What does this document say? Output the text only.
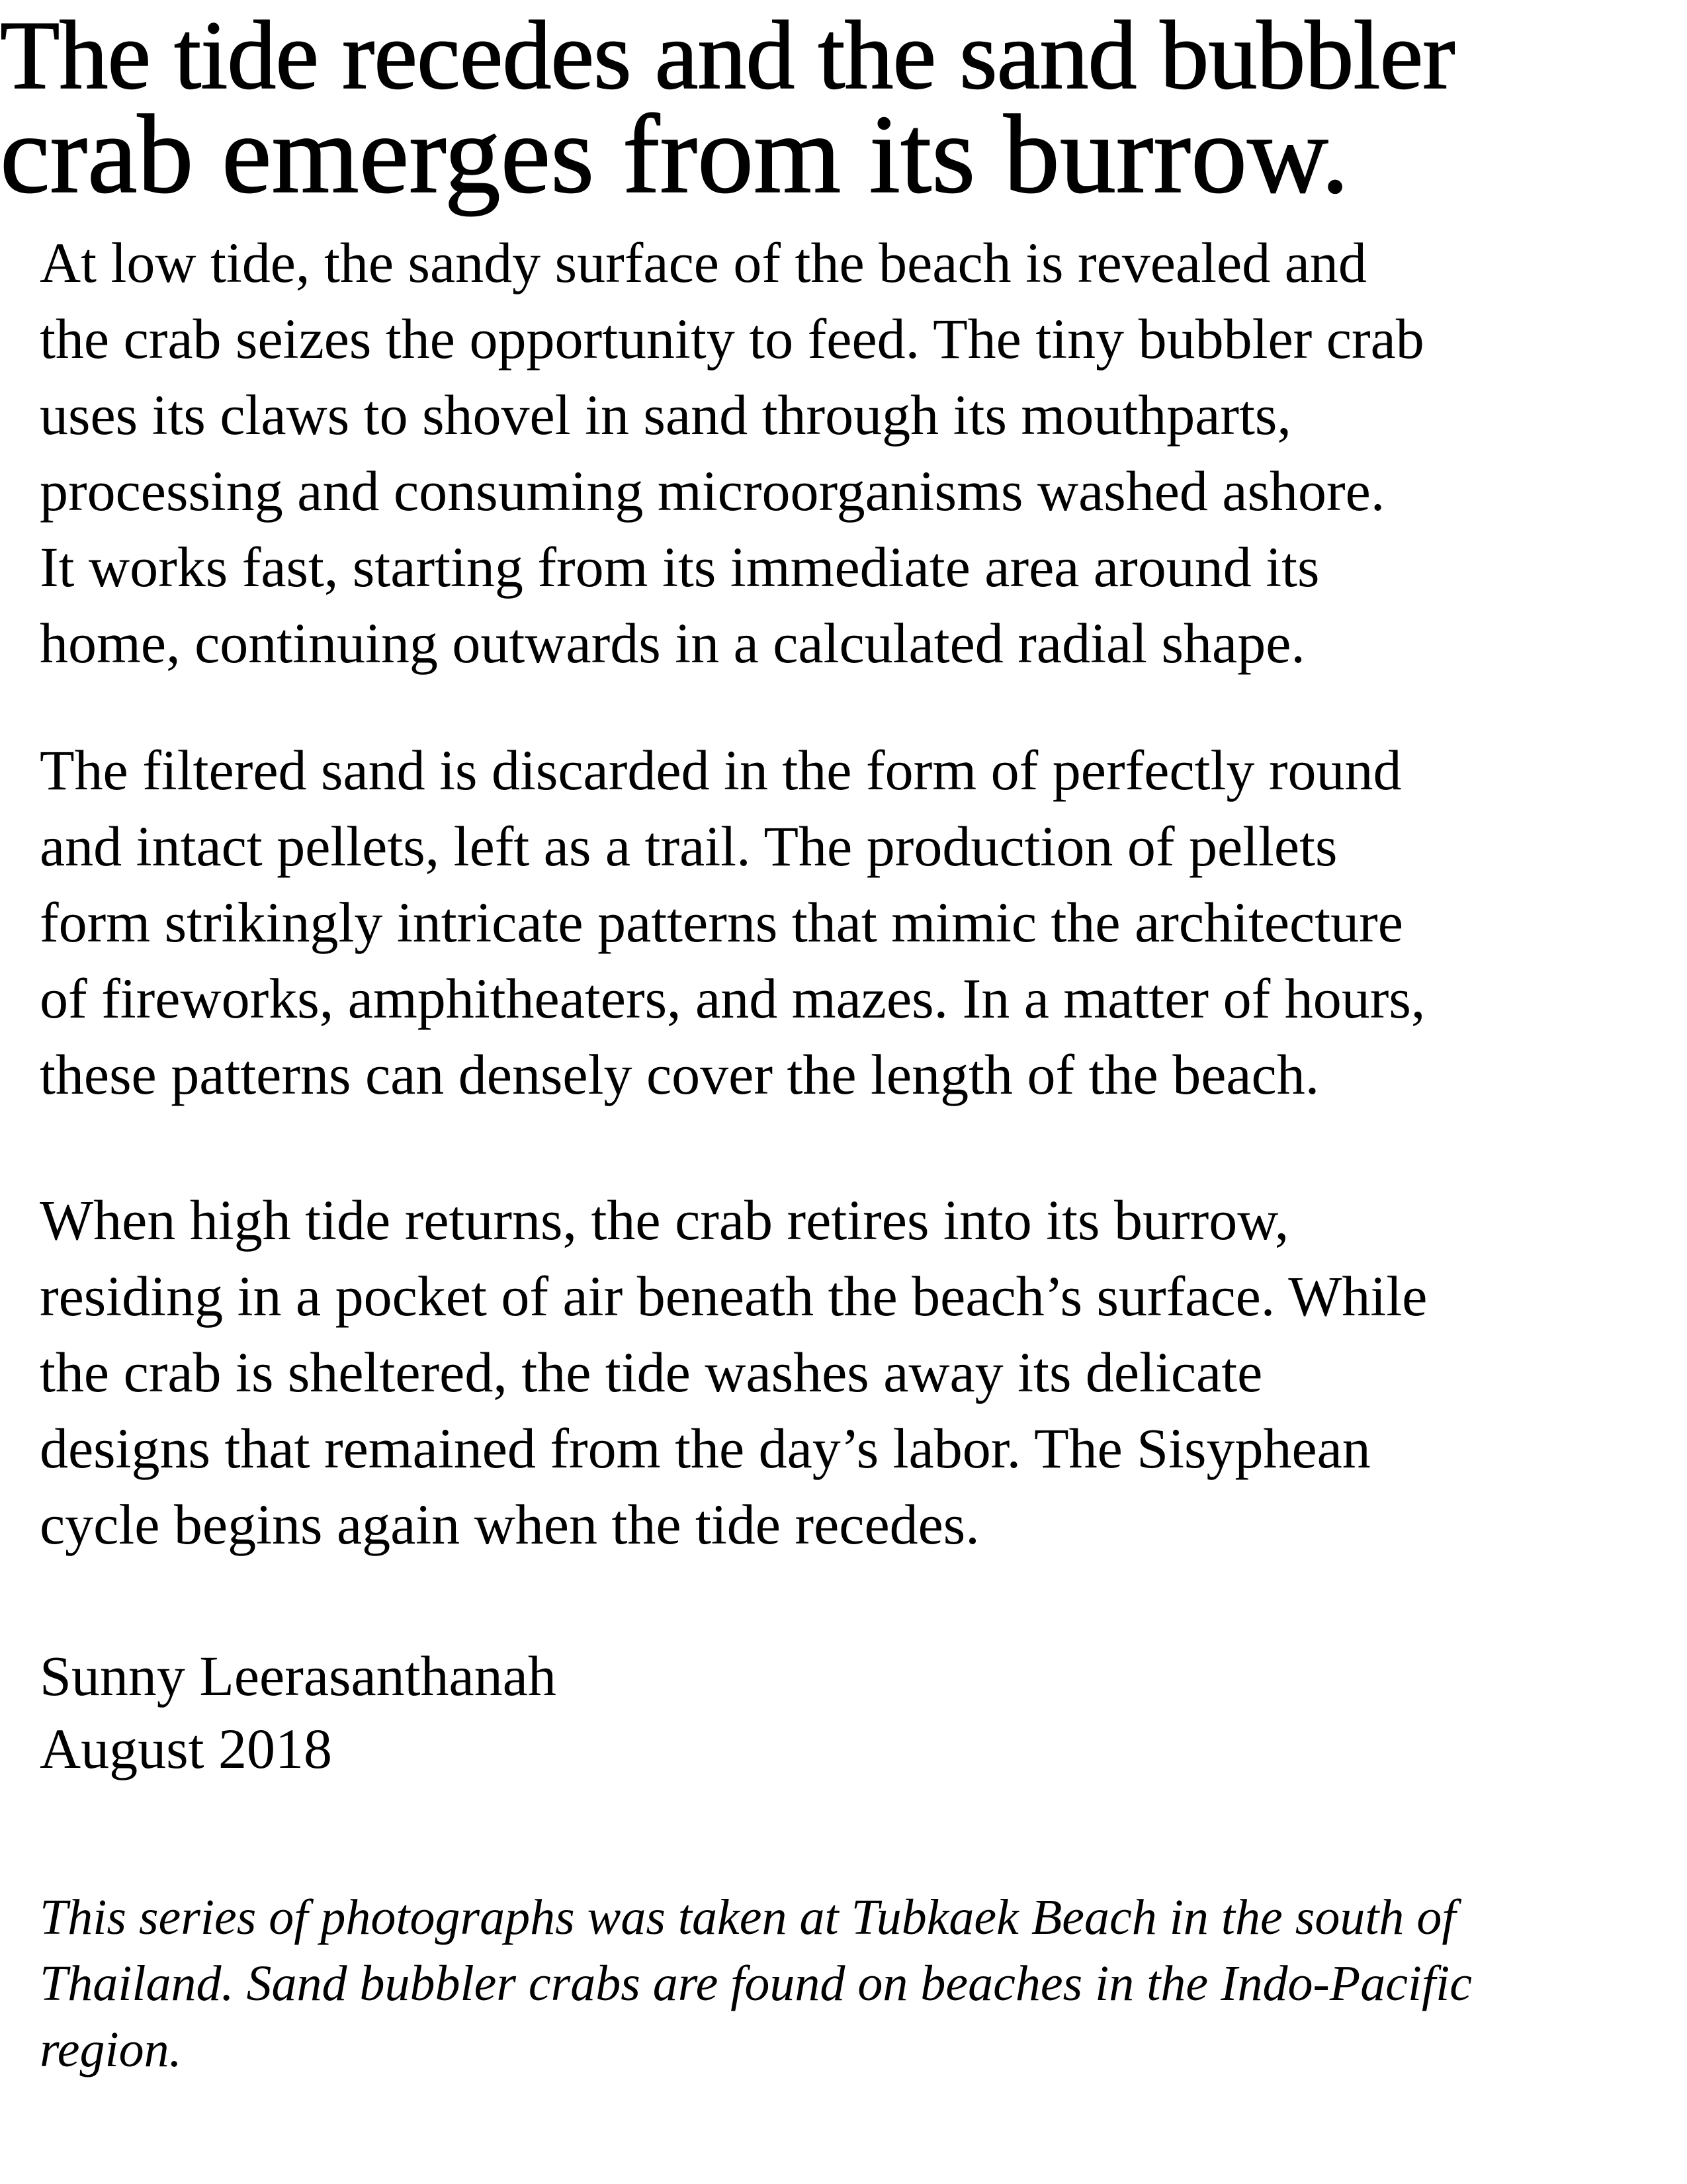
The tide recedes and the sand bubbler
crab emerges from its burrow.

At low tide, the sandy surface of the beach is revealed and
the crab seizes the opportunity to feed. The tiny bubbler crab
uses its claws to shovel in sand through its mouthparts,
processing and consuming microorganisms washed ashore.
It works fast, starting from its immediate area around its
home, continuing outwards in a calculated radial shape.

The filtered sand is discarded in the form of perfectly round
and intact pellets, left as a trail. The production of pellets
form strikingly intricate patterns that mimic the architecture
of fireworks, amphitheaters, and mazes. In a matter of hours,
these patterns can densely cover the length of the beach.

When high tide returns, the crab retires into its burrow,
residing in a pocket of air beneath the beach’s surface. While
the crab is sheltered, the tide washes away its delicate
designs that remained from the day’s labor. The Sisyphean
cycle begins again when the tide recedes.

Sunny Leerasanthanah
August 2018

This series of photographs was taken at Tubkaek Beach in the south of
Thailand. Sand bubbler crabs are found on beaches in the Indo-Pacific
region.
